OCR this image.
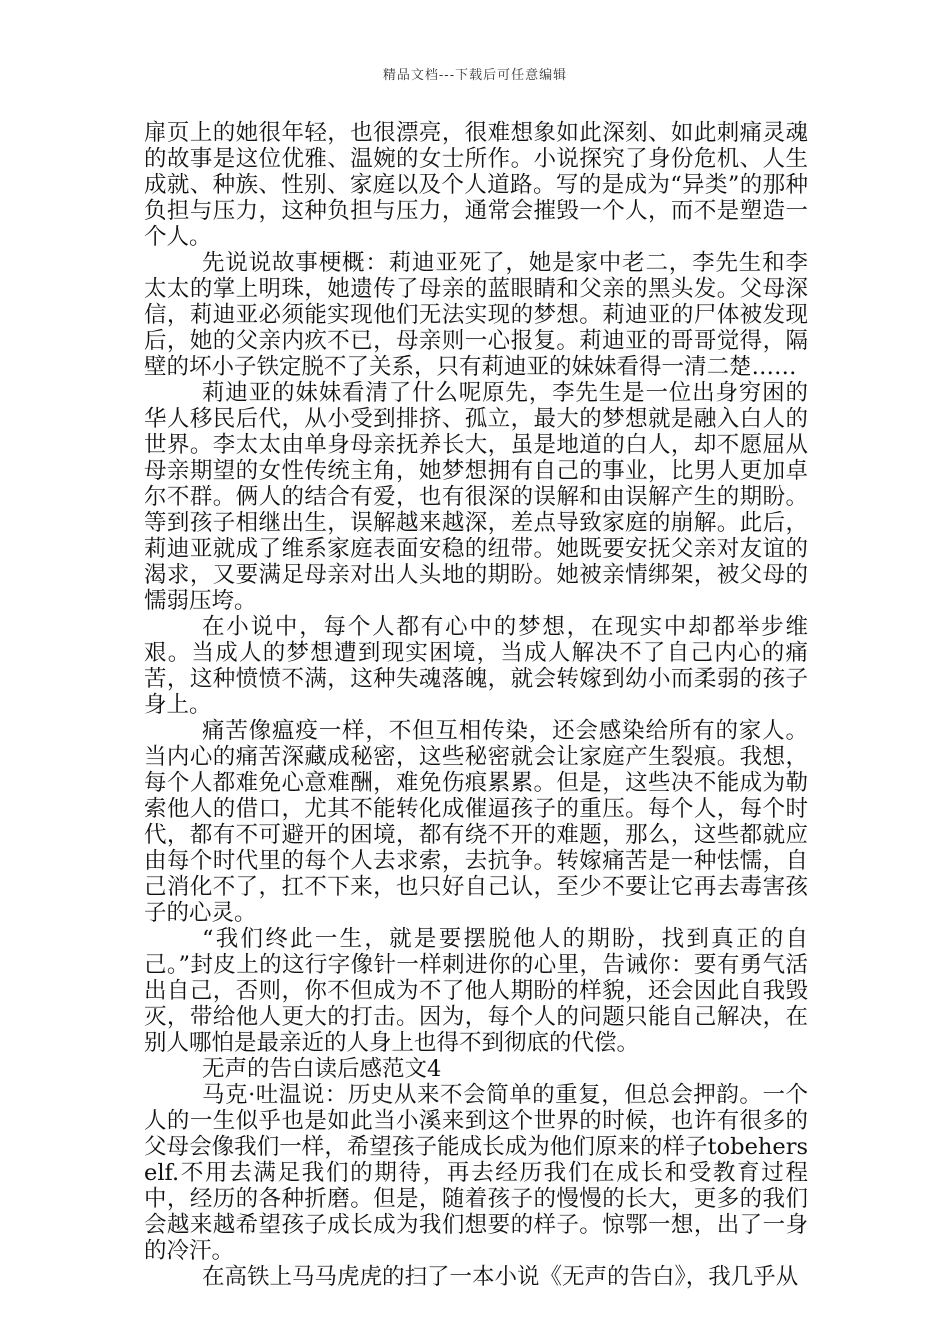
精品文档---下载后可任意编辑

扉页上的她很年轻，也很漂亮，很难想象如此深刻、如此刺痛灵魂的故事是这位优雅、温婉的女士所作。小说探究了身份危机、人生成就、种族、性别、家庭以及个人道路。写的是成为“异类”的那种负担与压力，这种负担与压力，通常会摧毁一个人，而不是塑造一个人。

先说说故事梗概：莉迪亚死了，她是家中老二，李先生和李太太的掌上明珠，她遗传了母亲的蓝眼睛和父亲的黑头发。父母深信，莉迪亚必须能实现他们无法实现的梦想。莉迪亚的尸体被发现后，她的父亲内疚不已，母亲则一心报复。莉迪亚的哥哥觉得，隔壁的坏小子铁定脱不了关系，只有莉迪亚的妹妹看得一清二楚……

莉迪亚的妹妹看清了什么呢原先，李先生是一位出身穷困的华人移民后代，从小受到排挤、孤立，最大的梦想就是融入白人的世界。李太太由单身母亲抚养长大，虽是地道的白人，却不愿屈从母亲期望的女性传统主角，她梦想拥有自己的事业，比男人更加卓尔不群。俩人的结合有爱，也有很深的误解和由误解产生的期盼。等到孩子相继出生，误解越来越深，差点导致家庭的崩解。此后，莉迪亚就成了维系家庭表面安稳的纽带。她既要安抚父亲对友谊的渴求，又要满足母亲对出人头地的期盼。她被亲情绑架，被父母的懦弱压垮。

在小说中，每个人都有心中的梦想，在现实中却都举步维艰。当成人的梦想遭到现实困境，当成人解决不了自己内心的痛苦，这种愤愤不满，这种失魂落魄，就会转嫁到幼小而柔弱的孩子身上。

痛苦像瘟疫一样，不但互相传染，还会感染给所有的家人。当内心的痛苦深藏成秘密，这些秘密就会让家庭产生裂痕。我想，每个人都难免心意难酬，难免伤痕累累。但是，这些决不能成为勒索他人的借口，尤其不能转化成催逼孩子的重压。每个人，每个时代，都有不可避开的困境，都有绕不开的难题，那么，这些都就应由每个时代里的每个人去求索，去抗争。转嫁痛苦是一种怯懦，自己消化不了，扛不下来，也只好自己认，至少不要让它再去毒害孩子的心灵。

“我们终此一生，就是要摆脱他人的期盼，找到真正的自己。”封皮上的这行字像针一样刺进你的心里，告诫你：要有勇气活出自己，否则，你不但成为不了他人期盼的样貌，还会因此自我毁灭，带给他人更大的打击。因为，每个人的问题只能自己解决，在别人哪怕是最亲近的人身上也得不到彻底的代偿。

无声的告白读后感范文4

马克·吐温说：历史从来不会简单的重复，但总会押韵。一个人的一生似乎也是如此当小溪来到这个世界的时候，也许有很多的父母会像我们一样，希望孩子能成长成为他们原来的样子tobeherself.不用去满足我们的期待，再去经历我们在成长和受教育过程中，经历的各种折磨。但是，随着孩子的慢慢的长大，更多的我们会越来越希望孩子成长成为我们想要的样子。惊鄂一想，出了一身的冷汗。

在高铁上马马虎虎的扫了一本小说《无声的告白》，我几乎从
